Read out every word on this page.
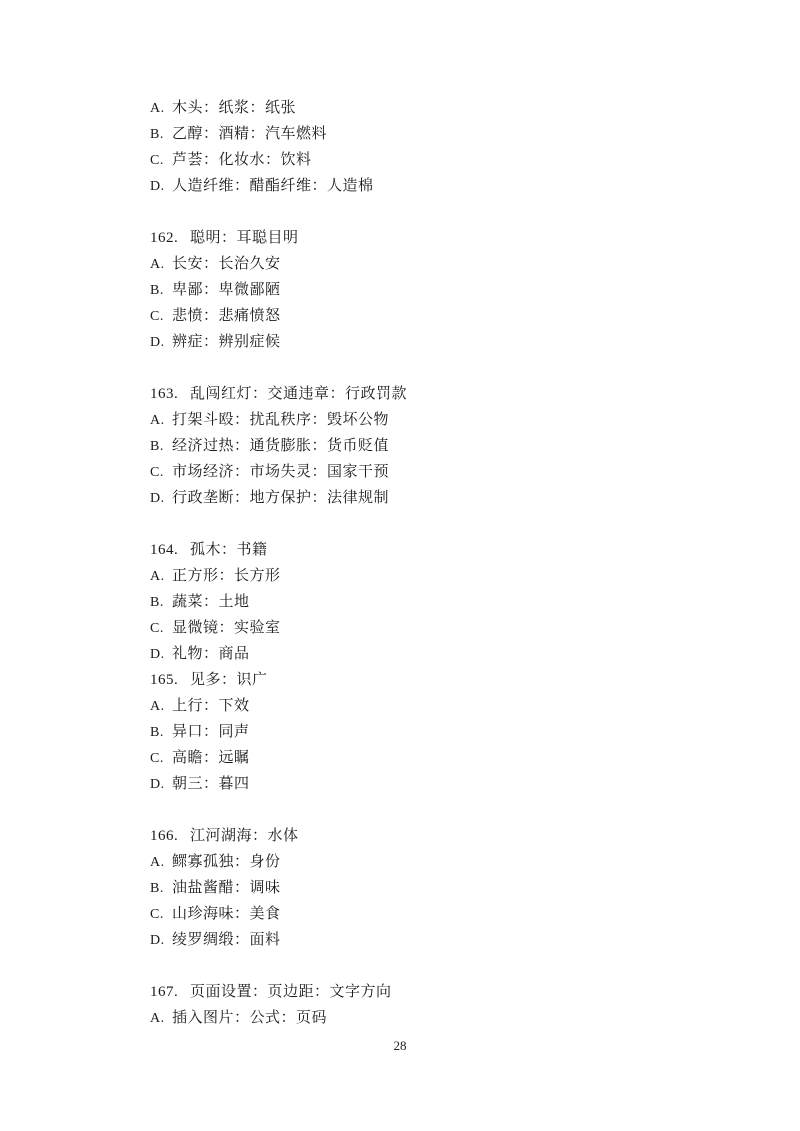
A. 木头：纸浆：纸张
B. 乙醇：酒精：汽车燃料
C. 芦荟：化妆水：饮料
D. 人造纤维：醋酯纤维：人造棉
162. 聪明：耳聪目明
A. 长安：长治久安
B. 卑鄙：卑微鄙陋
C. 悲愤：悲痛愤怒
D. 辨症：辨别症候
163. 乱闯红灯：交通违章：行政罚款
A. 打架斗殴：扰乱秩序：毁坏公物
B. 经济过热：通货膨胀：货币贬值
C. 市场经济：市场失灵：国家干预
D. 行政垄断：地方保护：法律规制
164. 孤木：书籍
A. 正方形：长方形
B. 蔬菜：土地
C. 显微镜：实验室
D. 礼物：商品
165. 见多：识广
A. 上行：下效
B. 异口：同声
C. 高瞻：远瞩
D. 朝三：暮四
166. 江河湖海：水体
A. 鳏寡孤独：身份
B. 油盐酱醋：调味
C. 山珍海味：美食
D. 绫罗绸缎：面料
167. 页面设置：页边距：文字方向
A. 插入图片：公式：页码
28
